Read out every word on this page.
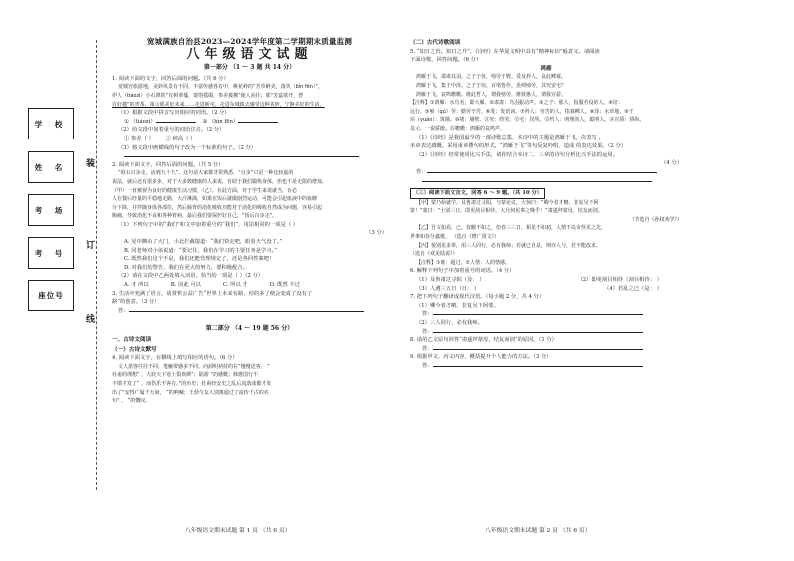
学 校
姓 名
考 场
考 号
座位号
装
订
线
宽城满族自治县2023—2024学年度第二学期期末质量监测
八年级语文试题
第一部分 （1 ～ 3 题 共 14 分）
1. 阅读下面的文字，回答后面的问题。（共 6 分）
宽城宫旅游地，美妙风景有不同，丰富传感各有中，桃花岭的“芳草鲜美，落英（bìn fēn）”，
伊人（tiáozi）小石潭的“有树翠蔓，蒙络摇缀，参差披拂”使人向往；那“芳蕊欲开，曾
许好越”的青茶，寓示那美好未来……走进新屯，走进东城镇去感受这种美妙，宁静美好的生活。
（1）根据文段中拼音写出相应的词语。（2 分）
① （tiáozi）	② （bìn fēn）
（2）给文段中加着重号的词语注音。（2 分）
① 参差（ ） ② 碎高（ ）
（3）将文段中画横线的句子改为一个标准的句子。（2 分）
2. 阅读下面文字，回答后面的问题。（共 5 分）
“纵石百步走，活到九十九”。这句话大家都非常熟悉，“百步”只是一种比较虚的
说法，就后还有很多步，对于大多数健康的人来说，有助于我们锻炼身体，但也不是无限的增加，
（甲）一直被视为良好的健康生活习惯，（乙）。在此方面，对于学生来说就当，有必
人在餐后经量的平稳地走路，大汗淋漓，如果在饭后就做剧烈运动，可能会引起血液中的血糖
分下降，并伴随身体各部位，然后肠胃的消化吸收功能对于消化的吸收自然成为问题，容易引起
腹痛，导致消化不良和各种胃病，最后我们要保护好自己，“饭后百步走”。
（1）下列句子中的“我们”和文中加着重号的“我们”，用法相同的一项是（ ）
（3 分）
A. 见中渊由了大门，小北拦截提道：“我们快走吧，眼看天气没了。”
B. 同老师对小弟说道：“要记住，我们在学习的主要任务是学习。”
C. 既然我们这个不是，我们还能管理规定了，还是各回答案吧！
D. 对我们的警告，我们在更大的努力，要积极配合。
（2）请在文段中乙两处填入词语，恰当的一项是（ ）（2 分）
A. 才 所以	B. 因此 可以	C. 所以 才	D. 既然 不过
3. 生活中充满了语言。请赏析公益广告“世界上本来有路，停的多了便会变成了没有了
路”的创意。（3 分）
答：
第二部分 （4 ～ 19 题 56 分）
一、古诗文阅读
（一）古诗文默写
4. 阅读下面文字，在横线上填写相应的语句。（6 分）
文人墨客往往不同，笔触带感多不同。向洞明初持的在“慢慢送客， ”
杜甫的理想“ ，大庇天下寒士俱欢颜”；陆游 ”的感慨；韩愈国行不
不惯才发了“ ，而伤乐不客有。”的历史；杜甫经安史之乱后流落成都才发
出了“安得广厦千万间， ”的呐喊；王勃与友人别离通过了流传千古的名
句“ ， ”的慨叹。
八年级语文期末试题 第 1 页 （共 6 页）
（二）古代诗歌阅读
5. “知日之归，知日之升”，《诗经》在华夏文明中具有“精神标识”般意义。请阅读
下面诗歌，回答问题。（6 分）
鸿雁
鸿雁于飞，肃肃其羽。之子于征，劬劳于野。爰及矜人，哀此鳏寡。
鸿雁于飞，集于中泽。之子于垣，百堵皆作。虽则劬劳，其究安宅？
鸿雁于飞，哀鸣嗷嗷。维此哲人，谓我劬劳。维彼愚人，谓我宣骄。
【注释】①鸿雁：水鸟名，即大雁。②肃肃：鸟羽振动声。③之子：那人，指服劳役的人。④征：
远行。⑤劬（qú）劳：勤劳辛苦。⑥爰：发语词。⑦矜人：穷苦的人，指寡鳏人。⑧泽：水草地。⑨于
垣（yuán）：筑墙。⑩堵：墙壁。⑪究：终究。⑫宅：居所。⑬哲人：明理的人，聪明人。⑭宣骄：骄纵，
显示，一说骄傲。⑮嗷嗷：鸿雁的哀鸣声。
（1）《诗经》是我国最早的一部诗歌总集，本诗中的主题是鸿雁于飞，次表写 ，
末章表达感慨。采用重章叠句的形式，“鸿雁于飞”等句反复吟唱，造成 的表达效果。（2 分）
（2）《诗经》经常使用比兴手法，请你结合本诗二、三章的诗句分析比兴手法的运用。
（4 分）
答：
（三）阅读下面文言文，回答 6 ～ 9 题。（共 10 分）
【甲】蒙乃始就学。及鲁肃过寻阳，与蒙论议，大惊曰：“卿今者才略，非复吴下阿
蒙！”蒙曰：“士别三日，即更刮目相待，大兄何见事之晚乎！”肃遂拜蒙母，结友而别。
（节选自《孙权劝学》）
【乙】吾文如焉，已，仅敝不如之，但卷三三日，相见不如初，人情不以奇怪见之先，
世事如谷分鑫歌。 （选自《增广贤文》）
【丙】悦别见求辈，用三人同行，必有我师；若就已自是，则亦人与，若不能改求。
（选自《戒见陆说》）
【注释】①谁：超过，②人情：人的情感。
6. 解释下列句子中加着重号的词语。（4 分）
（1）及鲁肃过寻阳（及： ）	（2）即更刮目相待（刮目相待： ）
（3）人遵三五日（日： ）	（4）若乱之已（是： ）
7. 把下列句子翻译成现代汉语。（每小题 2 分，共 4 分）
（1）卿今者才略，非复吴下阿蒙。
答：
（2）三人同行，必有我师。
答：
8. 请用乙文原句回答“肃遂拜蒙母，结友而别”的原因。（1 分）
答：
9. 根据甲文、丙文内容，概括提升个人能力的方法。（3 分）
答：
八年级语文期末试题 第 2 页 （共 6 页）
